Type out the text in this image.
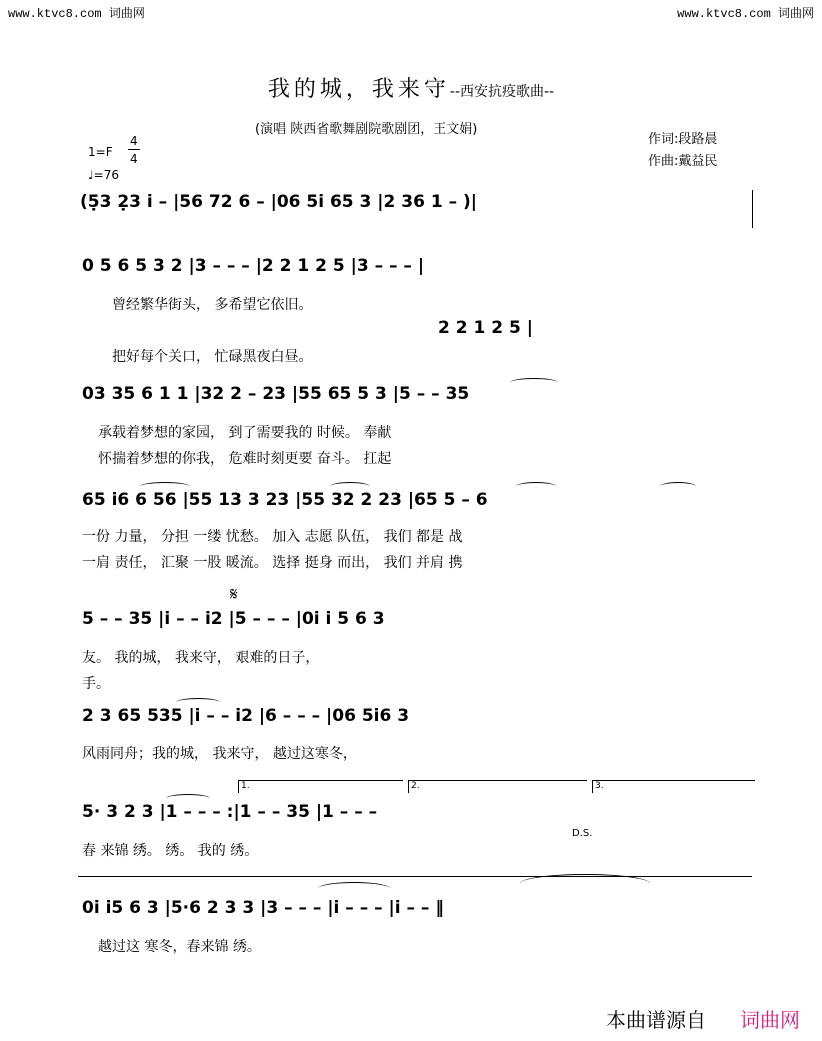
www.ktvc8.com 词曲网	www.ktvc8.com 词曲网
我的城，我来守--西安抗疫歌曲--
(演唱 陕西省歌舞剧院歌剧团，王文娟)
作词:段路晨
作曲:戴益民
1=F
4
4
♩=76
(5̣3 2̣3 i – |56 72 6 – |06 5i 65 3 |2 36 1 – )|
0 5 6 5 3 2 |3 – – – |2 2 1 2 5 |3 – – – |
曾经繁华街头， 多希望它依旧。
2 2 1 2 5 |
把好每个关口， 忙碌黑夜白昼。
03 35 6 1 1 |32 2 – 23 |55 65 5 3 |5 – – 35
承载着梦想的家园， 到了需要我的 时候。 奉献
怀揣着梦想的你我， 危难时刻更要 奋斗。 扛起
65 i6 6 56 |55 13 3 23 |55 32 2 23 |65 5 – 6
一份 力量， 分担 一缕 忧愁。 加入 志愿 队伍， 我们 都是 战
一肩 责任， 汇聚 一股 暖流。 选择 挺身 而出， 我们 并肩 携
𝄋
5 – – 35 |i – – i2 |5 – – – |0i i 5 6 3
友。 我的城， 我来守， 艰难的日子，
手。
2 3 65 535 |i – – i2 |6 – – – |06 5i6 3
风雨同舟；我的城， 我来守， 越过这寒冬，
1.	2.	3.
5· 3 2 3 |1 – – – :|1 – – 35 |1 – – –
D.S.
春 来锦 绣。 绣。 我的 绣。
0i i5 6 3 |5·6 2 3 3 |3 – – – |i – – – |i – – ‖
越过这 寒冬，春来锦 绣。
本曲谱源自 词曲网
